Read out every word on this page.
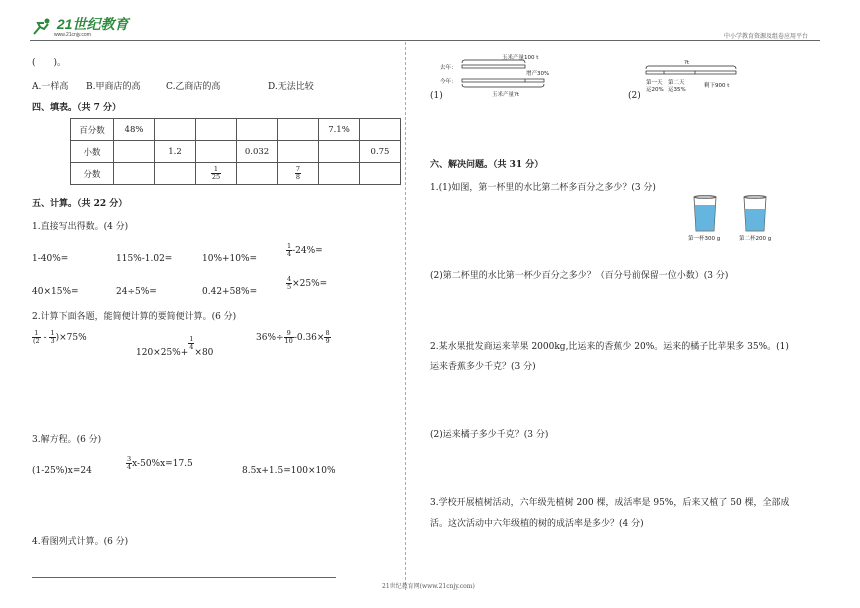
21世纪教育
www.21cnjy.com	中小学教育资源及组卷应用平台
(　　)。
A.一样高 B.甲商店的高	C.乙商店的高	D.无法比较
四、填表。（共 7 分）
百分数	48%					7.1%	
小数		1.2		0.032			0.75
分数			$\frac{1}{25}$		$\frac{7}{8}$

五、计算。（共 22 分）
1.直接写出得数。(4 分)
1-40%=	115%-1.02=	10%+10%=
$\frac{1}{4} -24\%=$
40×15%=	24÷5%=	0.42+58%=
$\frac{4}{5} \times 25\%=$
2.计算下面各题，能简便计算的要简便计算。(6 分)
$\frac{1}{(2} - \frac{1}{3} )\times 75\%$
120×25%+
$\frac{1}{4}$
×80
$36\%\div \frac{9}{10} -0.36\times \frac{8}{9}$
3.解方程。(6 分)
(1-25%)x=24	$\frac{3}{4} x-50\%x=17.5$
8.5x+1.5=100×10%
4.看图列式计算。(6 分)
(1)
玉米产量100 t
去年：
今年：
增产30%
玉米产量?t	(2)
?t
第一天
运20%
第二天
运35%
剩下900 t
六、解决问题。（共 31 分）
1.(1)如图，第一杯里的水比第二杯多百分之多少？(3 分)
第一杯300 g	第二杯200 g
(2)第二杯里的水比第一杯少百分之多少？（百分号前保留一位小数）(3 分)
2.某水果批发商运来苹果 2000kg,比运来的香蕉少 20%。运来的橘子比苹果多 35%。(1)
运来香蕉多少千克？(3 分)
(2)运来橘子多少千克？(3 分)
3.学校开展植树活动，六年级先植树 200 棵，成活率是 95%，后来又植了 50 棵，全部成
活。这次活动中六年级植的树的成活率是多少？(4 分)
21世纪教育网(www.21cnjy.com)
